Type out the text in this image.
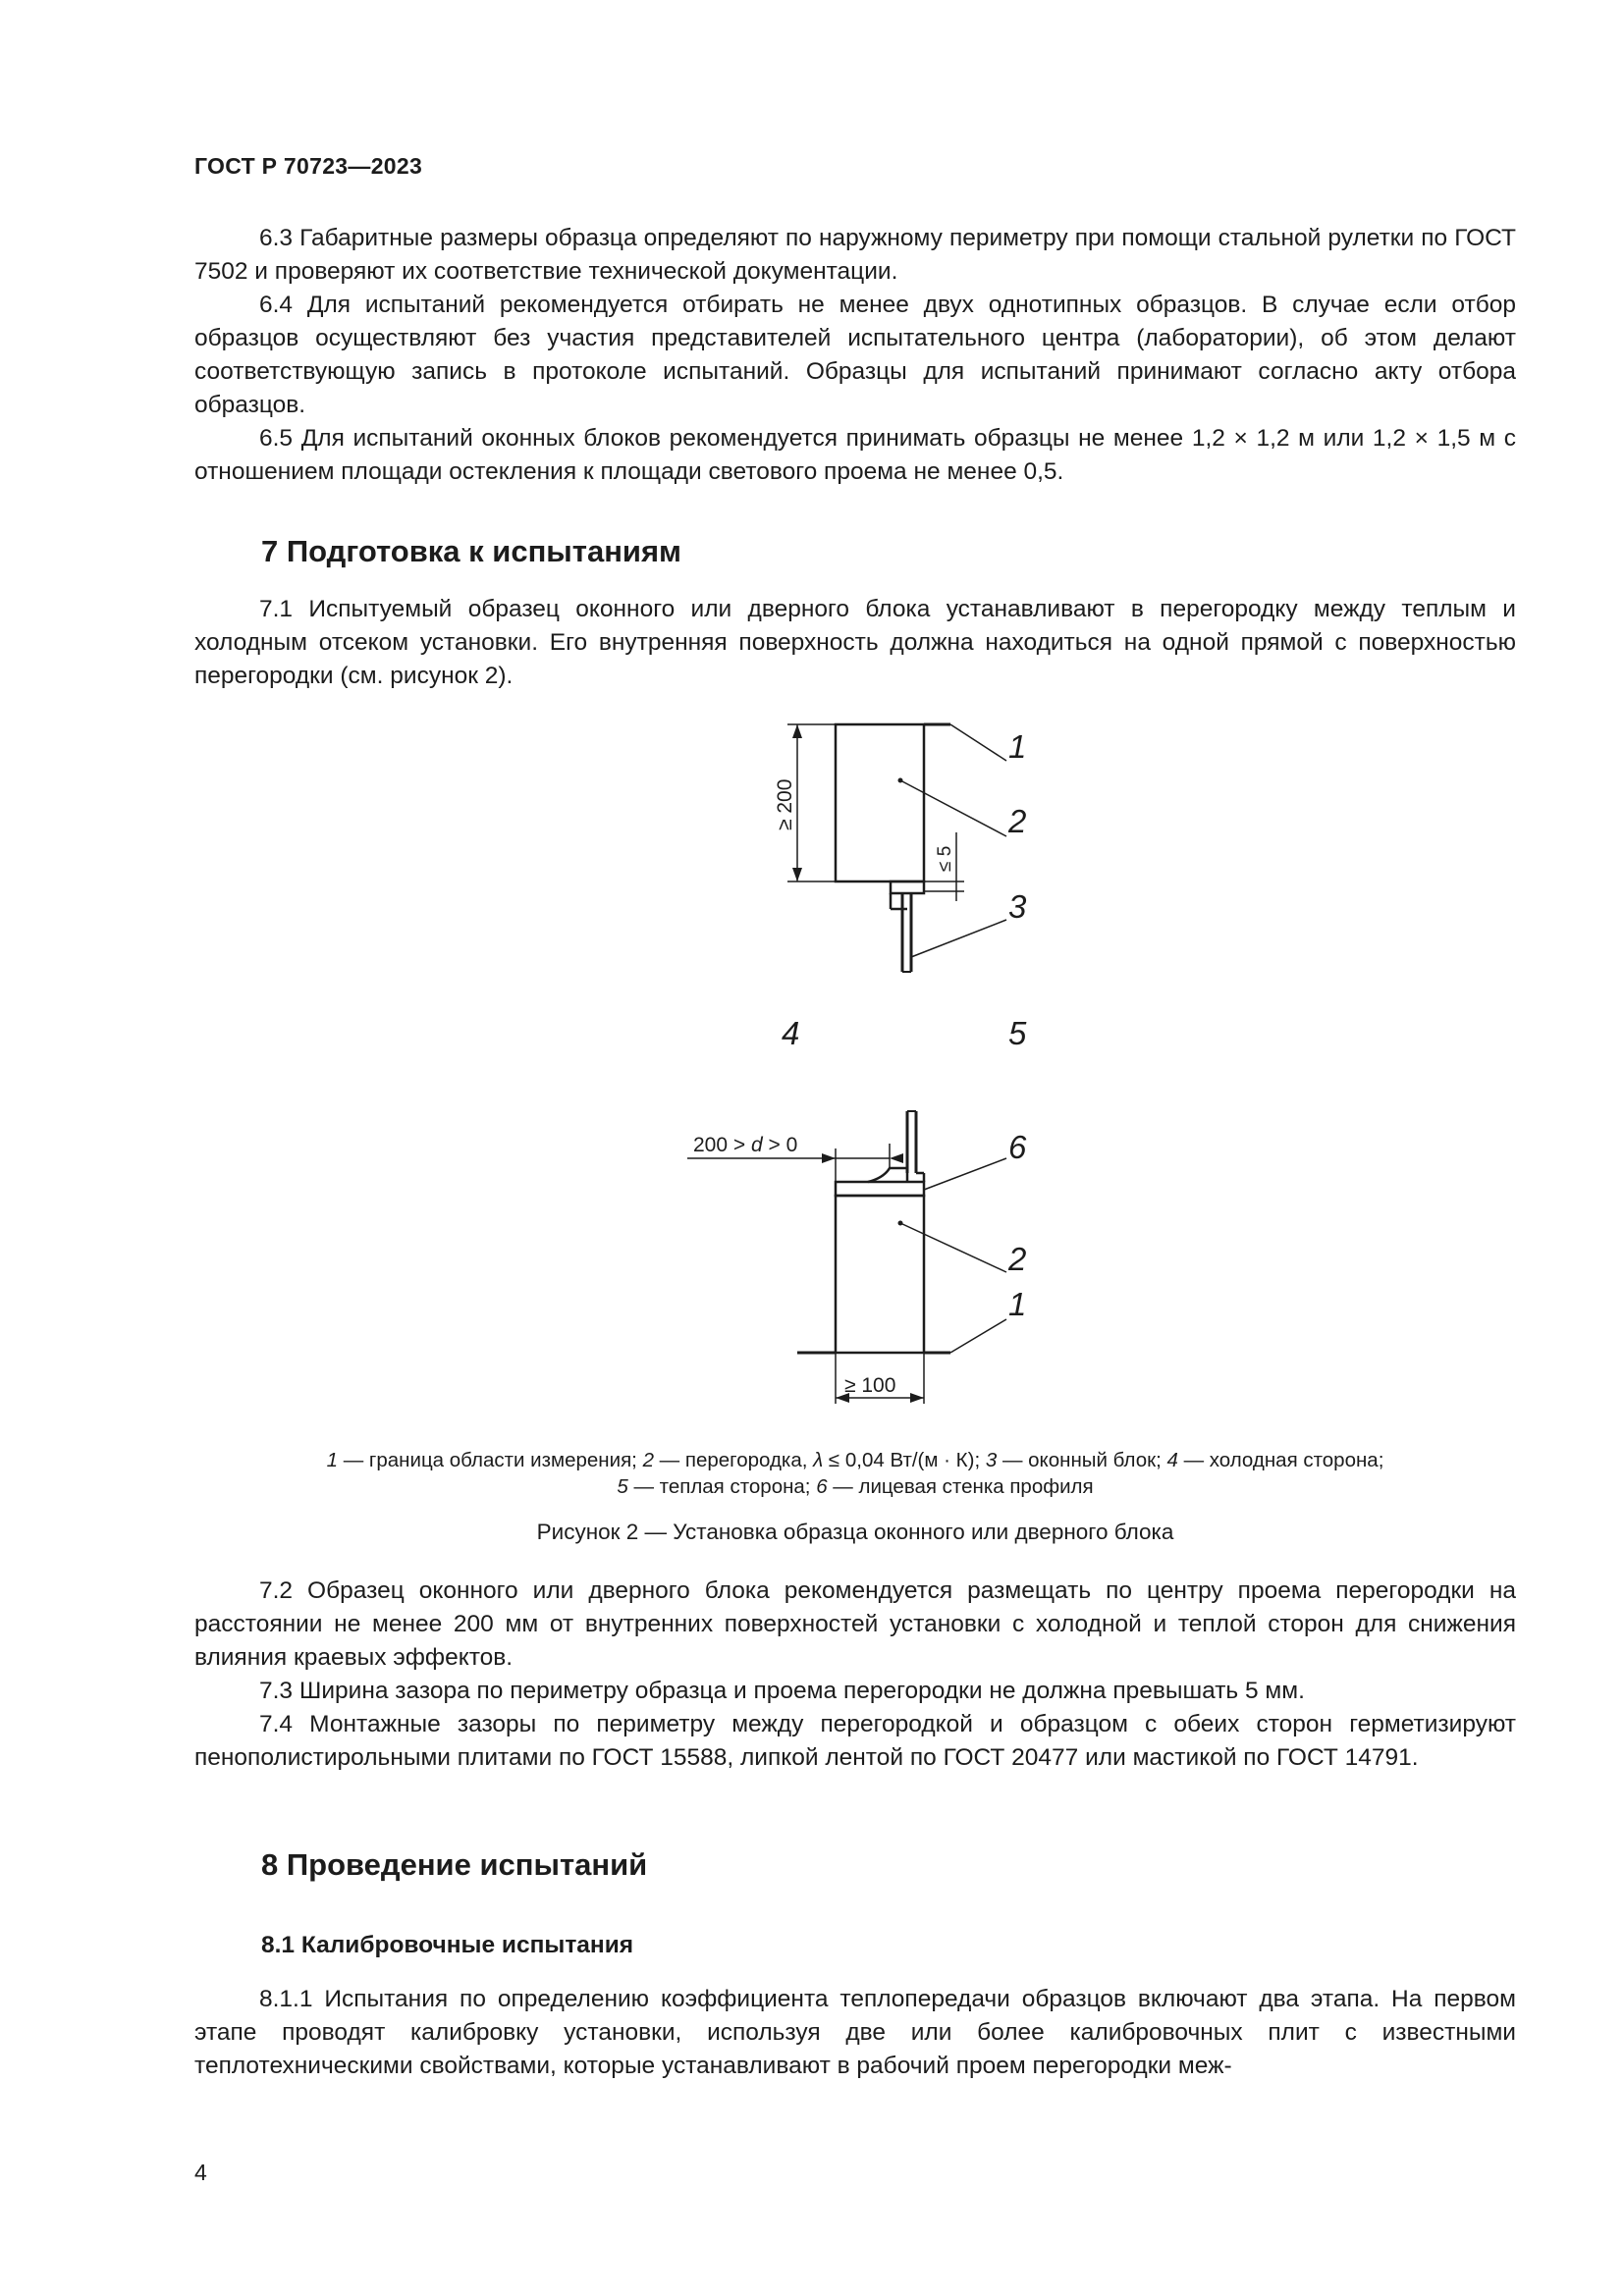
ГОСТ Р 70723—2023

6.3 Габаритные размеры образца определяют по наружному периметру при помощи стальной рулетки по ГОСТ 7502 и проверяют их соответствие технической документации.

6.4 Для испытаний рекомендуется отбирать не менее двух однотипных образцов. В случае если отбор образцов осуществляют без участия представителей испытательного центра (лаборатории), об этом делают соответствующую запись в протоколе испытаний. Образцы для испытаний принимают согласно акту отбора образцов.

6.5 Для испытаний оконных блоков рекомендуется принимать образцы не менее 1,2 × 1,2 м или 1,2 × 1,5 м с отношением площади остекления к площади светового проема не менее 0,5.

7 Подготовка к испытаниям

7.1 Испытуемый образец оконного или дверного блока устанавливают в перегородку между теплым и холодным отсеком установки. Его внутренняя поверхность должна находиться на одной прямой с поверхностью перегородки (см. рисунок 2).

≥ 200
≤ 5
1
2
3
4	5
6
2
1
200 > d > 0
≥ 100

1 — граница области измерения; 2 — перегородка, λ ≤ 0,04 Вт/(м · К); 3 — оконный блок; 4 — холодная сторона;
5 — теплая сторона; 6 — лицевая стенка профиля

Рисунок 2 — Установка образца оконного или дверного блока

7.2 Образец оконного или дверного блока рекомендуется размещать по центру проема перегородки на расстоянии не менее 200 мм от внутренних поверхностей установки с холодной и теплой сторон для снижения влияния краевых эффектов.

7.3 Ширина зазора по периметру образца и проема перегородки не должна превышать 5 мм.

7.4 Монтажные зазоры по периметру между перегородкой и образцом с обеих сторон герметизируют пенополистирольными плитами по ГОСТ 15588, липкой лентой по ГОСТ 20477 или мастикой по ГОСТ 14791.

8 Проведение испытаний
8.1 Калибровочные испытания

8.1.1 Испытания по определению коэффициента теплопередачи образцов включают два этапа. На первом этапе проводят калибровку установки, используя две или более калибровочных плит с известными теплотехническими свойствами, которые устанавливают в рабочий проем перегородки меж-

4
